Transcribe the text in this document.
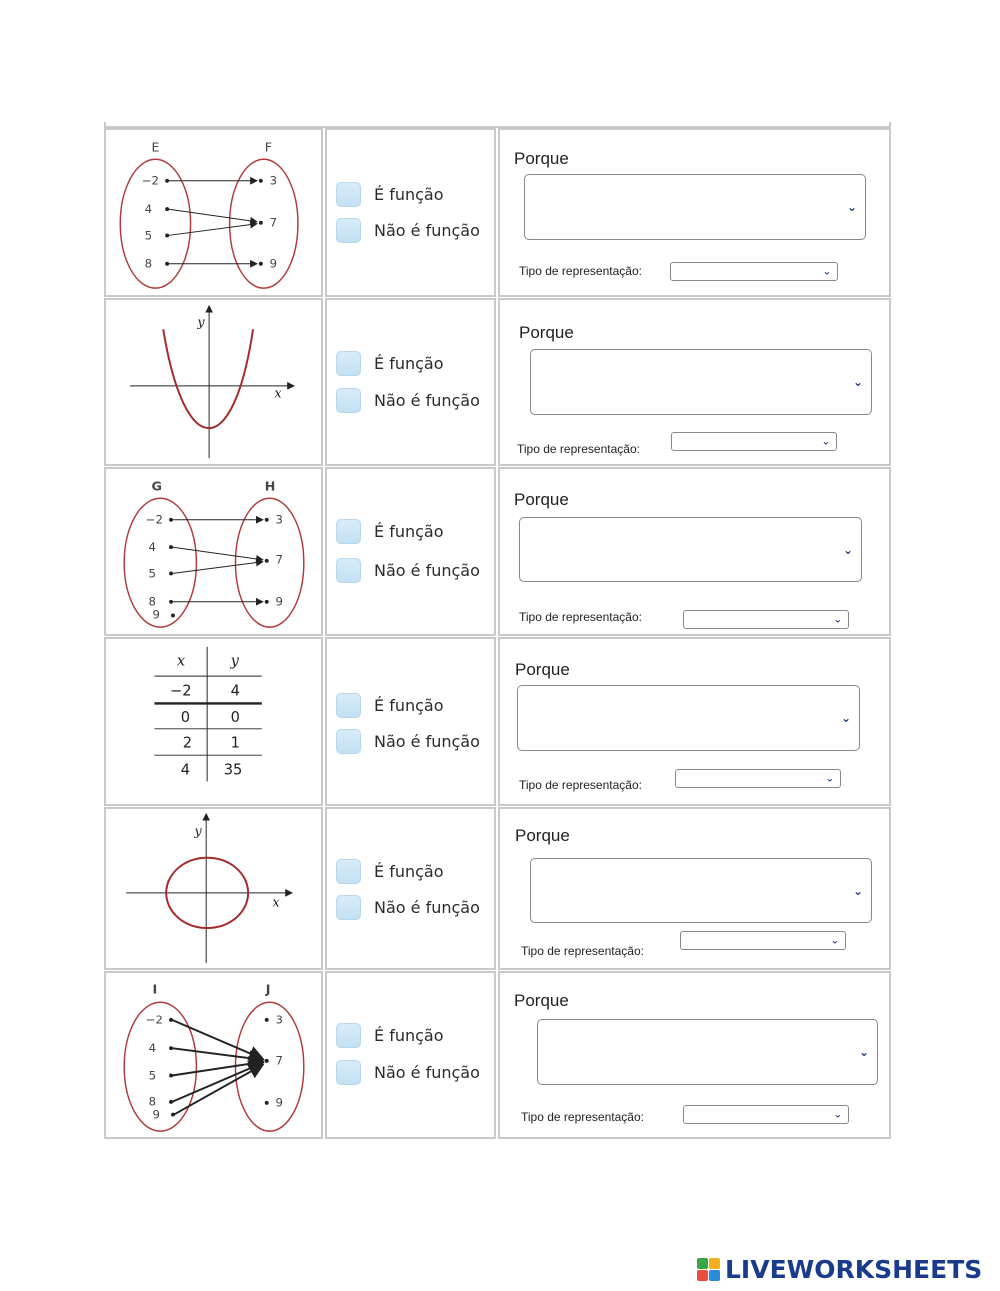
E	F
−2
4
5
8
3
7
9
É função
Não é função
Porque
⌄
Tipo de representação:	⌄
y
x
É função
Não é função
Porque
⌄
Tipo de representação:
⌄
G	H
−2
4
5
8
9
3
7
9
É função
Não é função
Porque
⌄
Tipo de representação:	⌄
x	y
−2	4
0	0
2	1
4 35
É função
Não é função
Porque
⌄
Tipo de representação:	⌄
y
x
É função
Não é função
Porque
⌄
Tipo de representação:
⌄
I	J
−2
4
5
8
9
3
7
9
É função
Não é função
Porque
⌄
Tipo de representação:	⌄
LIVEWORKSHEETS
